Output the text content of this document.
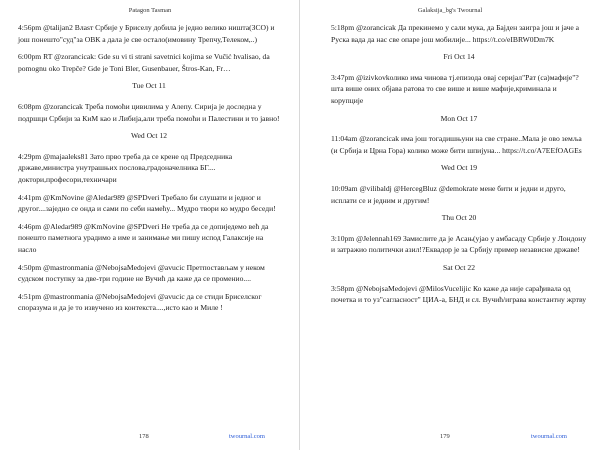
Patagon Tasman
4:56pm @talijan2 Влаѕт Србије у Бриселу добила је једно велико ништа(ЗСО) и још понешто"суд"за ОВК а дала је све остало(имовину Трепчу,Телеком,..)
6:00pm RT @zorancicak: Gde su vi ti strani savetnici kojima se Vučić hvalisao, da pomognu oko Trepče? Gde je Toni Bler, Gusenbauer, Štros-Kan, Fr…
Tue Oct 11
6:08pm @zorancicak Треба помоћи цивилима у Алепу. Сирија је доследна у подршци Србији за КиМ као и Либија,али треба помоћи и Палестини и то јавно!
Wed Oct 12
4:29pm @majaaleks81 Зато прво треба да се крене од Председника државе,министра унутрашњих послова,градоначелника БГ.... доктори,професори,техничари
4:41pm @KmNovine @Aledar989 @SPDveri Требало би слушати и једног и другог....заједно се онда и сами по себи намећу... Мудро твори ко мудро беседи!
4:46pm @Aledar989 @KmNovine @SPDveri Не треба да се допиједемо већ да понешто паметнога урадимо а име и занимање ми пишу испод Галаксије на насло
4:50pm @mastronmania @NebojsaMedojevi @avucic Претпостављам у неком судском поступку за две-три године не Вучић да каже да се променио....
4:51pm @mastronmania @NebojsaMedojevi @avucic да се стиди Бриселског споразума и да је то извучено из контекста....,исто као и Миле !
178	twournal.com
Galaksija_bg's Twournal
5:18pm @zorancicak Да прекинемо у сали мука, да Бајден заигра још и јаче а Руска вада да нас све опаре још мобилије... https://t.co/eIBRW0Dm7K
Fri Oct 14
3:47pm @izivkovkолико има чиновa тј.епизода овај серијал"Рат (са)мафијe"?шта више оних објава ратова то све више и више мафије,криминала и корупције
Mon Oct 17
11:04am @zorancicak има још тогадишњуни на све стране..Мала је ово земља (и Србија и Црна Гора) колико може бити шпијуна... https://t.co/A7EEfOAGEs
Wed Oct 19
10:09am @vilibaldj @HercegBluz @demokrate мене бити и једни и друго, исплати се и једним и другим!
Thu Oct 20
3:10pm @Jelennah169 Замислите да је Асањ(ујао у амбасаду Србије у Лондону и затражио политички азил!?Еквадор је за Србију пример независне државе!
Sat Oct 22
3:58pm @NebojsaMedojevi @MilosVucelijic Ко каже да није сарађивала од почетка и то уз"сагласност" ЦИА-а, БНД и сл. Вучић/играва константну жртву
179	twournal.com
